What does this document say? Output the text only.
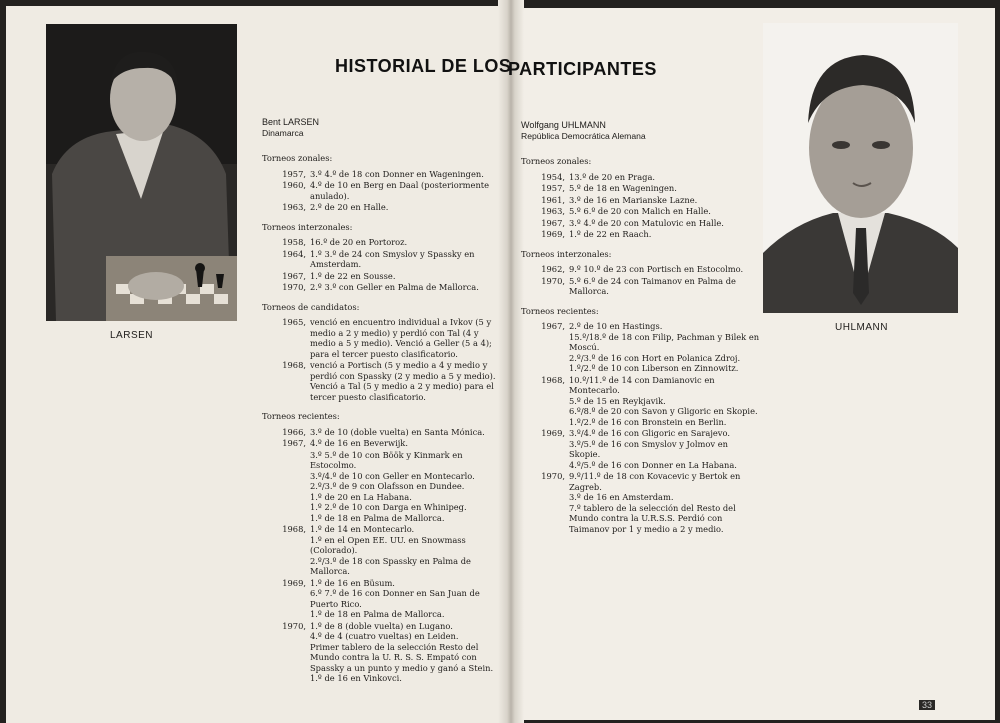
LARSEN
UHLMANN
HISTORIAL DE LOS
PARTICIPANTES
Bent LARSEN
Dinamarca
Torneos zonales:
1957, 3.º 4.º de 18 con Donner en Wageningen.
1960, 4.º de 10 en Berg en Daal (posteriormente anulado).
1963, 2.º de 20 en Halle.
Torneos interzonales:
1958, 16.º de 20 en Portoroz.
1964, 1.º 3.º de 24 con Smyslov y Spassky en Amsterdam.
1967, 1.º de 22 en Sousse.
1970, 2.º 3.º con Geller en Palma de Mallorca.
Torneos de candidatos:
1965, venció en encuentro individual a Ivkov (5 y medio a 2 y medio) y perdió con Tal (4 y medio a 5 y medio). Venció a Geller (5 a 4); para el tercer puesto clasificatorio.
1968, venció a Portisch (5 y medio a 4 y medio y perdió con Spassky (2 y medio a 5 y medio). Venció a Tal (5 y medio a 2 y medio) para el tercer puesto clasificatorio.
Torneos recientes:
1966, 3.º de 10 (doble vuelta) en Santa Mónica.
1967, 4.º de 16 en Beverwijk.
3.º 5.º de 10 con Böök y Kinmark en Estocolmo.
3.º/4.º de 10 con Geller en Montecarlo.
2.º/3.º de 9 con Olafsson en Dundee.
1.º de 20 en La Habana.
1.º 2.º de 10 con Darga en Whinipeg.
1.º de 18 en Palma de Mallorca.
1968, 1.º de 14 en Montecarlo.
1.º en el Open EE. UU. en Snowmass (Colorado).
2.º/3.º de 18 con Spassky en Palma de Mallorca.
1969, 1.º de 16 en Büsum.
6.º 7.º de 16 con Donner en San Juan de Puerto Rico.
1.º de 18 en Palma de Mallorca.
1970, 1.º de 8 (doble vuelta) en Lugano.
4.º de 4 (cuatro vueltas) en Leiden.
Primer tablero de la selección Resto del Mundo contra la U. R. S. S. Empató con Spassky a un punto y medio y ganó a Stein.
1.º de 16 en Vinkovci.
Wolfgang UHLMANN
República Democrática Alemana
Torneos zonales:
1954, 13.º de 20 en Praga.
1957, 5.º de 18 en Wageningen.
1961, 3.º de 16 en Marianske Lazne.
1963, 5.º 6.º de 20 con Malich en Halle.
1967, 3.º 4.º de 20 con Matulovic en Halle.
1969, 1.º de 22 en Raach.
Torneos interzonales:
1962, 9.º 10.º de 23 con Portisch en Estocolmo.
1970, 5.º 6.º de 24 con Taimanov en Palma de Mallorca.
Torneos recientes:
1967, 2.º de 10 en Hastings.
15.º/18.º de 18 con Filip, Pachman y Bilek en Moscú.
2.º/3.º de 16 con Hort en Polanica Zdroj.
1.º/2.º de 10 con Liberson en Zinnowitz.
1968, 10.º/11.º de 14 con Damianovic en Montecarlo.
5.º de 15 en Reykjavik.
6.º/8.º de 20 con Savon y Gligoric en Skopie.
1.º/2.º de 16 con Bronstein en Berlin.
1969, 3.º/4.º de 16 con Gligoric en Sarajevo.
3.º/5.º de 16 con Smyslov y Jolmov en Skopie.
4.º/5.º de 16 con Donner en La Habana.
1970, 9.º/11.º de 18 con Kovacevic y Bertok en Zagreb.
3.º de 16 en Amsterdam.
7.º tablero de la selección del Resto del Mundo contra la U.R.S.S. Perdió con Taimanov por 1 y medio a 2 y medio.
33
